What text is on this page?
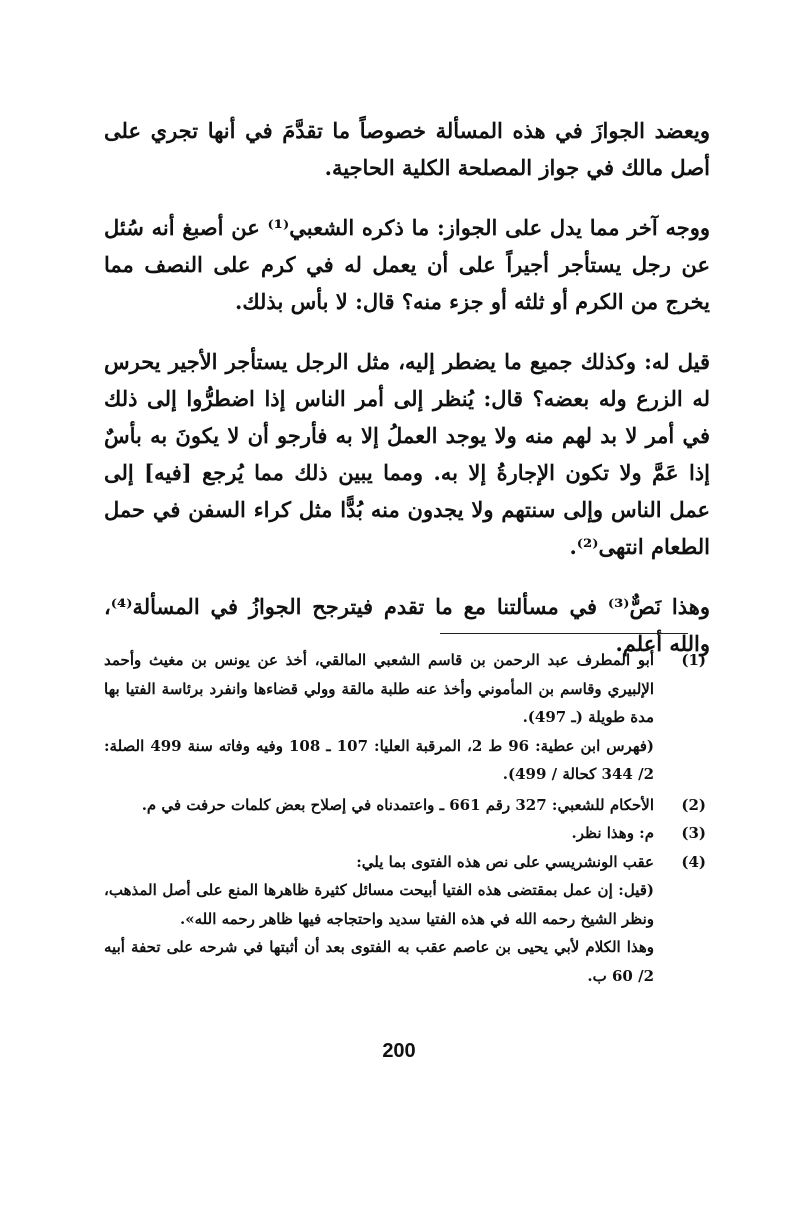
ويعضد الجوازَ في هذه المسألة خصوصاً ما تقدَّمَ في أنها تجري على أصل مالك في جواز المصلحة الكلية الحاجية.

ووجه آخر مما يدل على الجواز: ما ذكره الشعبي⁽¹⁾ عن أصبغ أنه سُئل عن رجل يستأجر أجيراً على أن يعمل له في كرم على النصف مما يخرج من الكرم أو ثلثه أو جزء منه؟ قال: لا بأس بذلك.

قيل له: وكذلك جميع ما يضطر إليه، مثل الرجل يستأجر الأجير يحرس له الزرع وله بعضه؟ قال: يُنظر إلى أمر الناس إذا اضطرُّوا إلى ذلك في أمر لا بد لهم منه ولا يوجد العملُ إلا به فأرجو أن لا يكونَ به بأسٌ إذا عَمَّ ولا تكون الإجارةُ إلا به. ومما يبين ذلك مما يُرجع [فيه] إلى عمل الناس وإلى سنتهم ولا يجدون منه بُدًّا مثل كراء السفن في حمل الطعام انتهى⁽²⁾.

وهذا نَصٌّ⁽³⁾ في مسألتنا مع ما تقدم فيترجح الجوازُ في المسألة⁽⁴⁾، والله أعلم.

(1)
أبو المطرف عبد الرحمن بن قاسم الشعبي المالقي، أخذ عن يونس بن مغيث وأحمد الإلبيري وقاسم بن المأموني وأخذ عنه طلبة مالقة وولي قضاءها وانفرد برئاسة الفتيا بها مدة طويلة (ـ 497).
(فهرس ابن عطية: 96 ط 2، المرقبة العليا: 107 ـ 108 وفيه وفاته سنة 499 الصلة: 2/ 344 كحالة / 499).
(2)
الأحكام للشعبي: 327 رقم 661 ـ واعتمدناه في إصلاح بعض كلمات حرفت في م.
(3)
م: وهذا نظر.
(4)
عقب الونشريسي على نص هذه الفتوى بما يلي:
(قيل: إن عمل بمقتضى هذه الفتيا أبيحت مسائل كثيرة ظاهرها المنع على أصل المذهب، ونظر الشيخ رحمه الله في هذه الفتيا سديد واحتجاجه فيها ظاهر رحمه الله».
وهذا الكلام لأبي يحيى بن عاصم عقب به الفتوى بعد أن أثبتها في شرحه على تحفة أبيه 2/ 60 ب.
200
